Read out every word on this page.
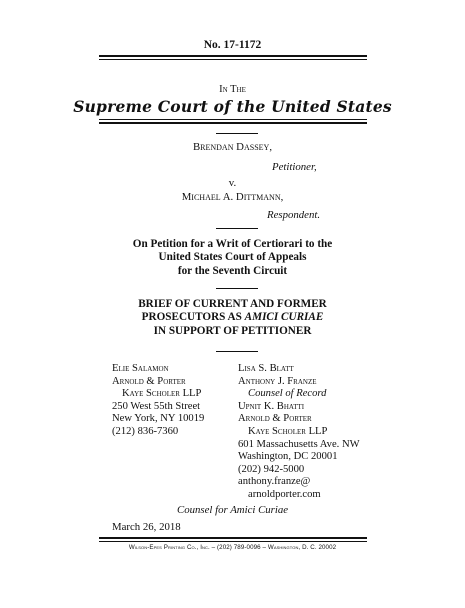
No. 17-1172
In The
Supreme Court of the United States
Brendan Dassey,
Petitioner,
v.
Michael A. Dittmann,
Respondent.
On Petition for a Writ of Certiorari to the
United States Court of Appeals
for the Seventh Circuit
BRIEF OF CURRENT AND FORMER
PROSECUTORS AS AMICI CURIAE
IN SUPPORT OF PETITIONER
Elie Salamon
Arnold & Porter
Kaye Scholer LLP
250 West 55th Street
New York, NY 10019
(212) 836-7360
Lisa S. Blatt
Anthony J. Franze
Counsel of Record
Upnit K. Bhatti
Arnold & Porter
Kaye Scholer LLP
601 Massachusetts Ave. NW
Washington, DC 20001
(202) 942-5000
anthony.franze@
arnoldporter.com
Counsel for Amici Curiae
March 26, 2018
Wilson-Epes Printing Co., Inc. – (202) 789-0096 – Washington, D. C. 20002
